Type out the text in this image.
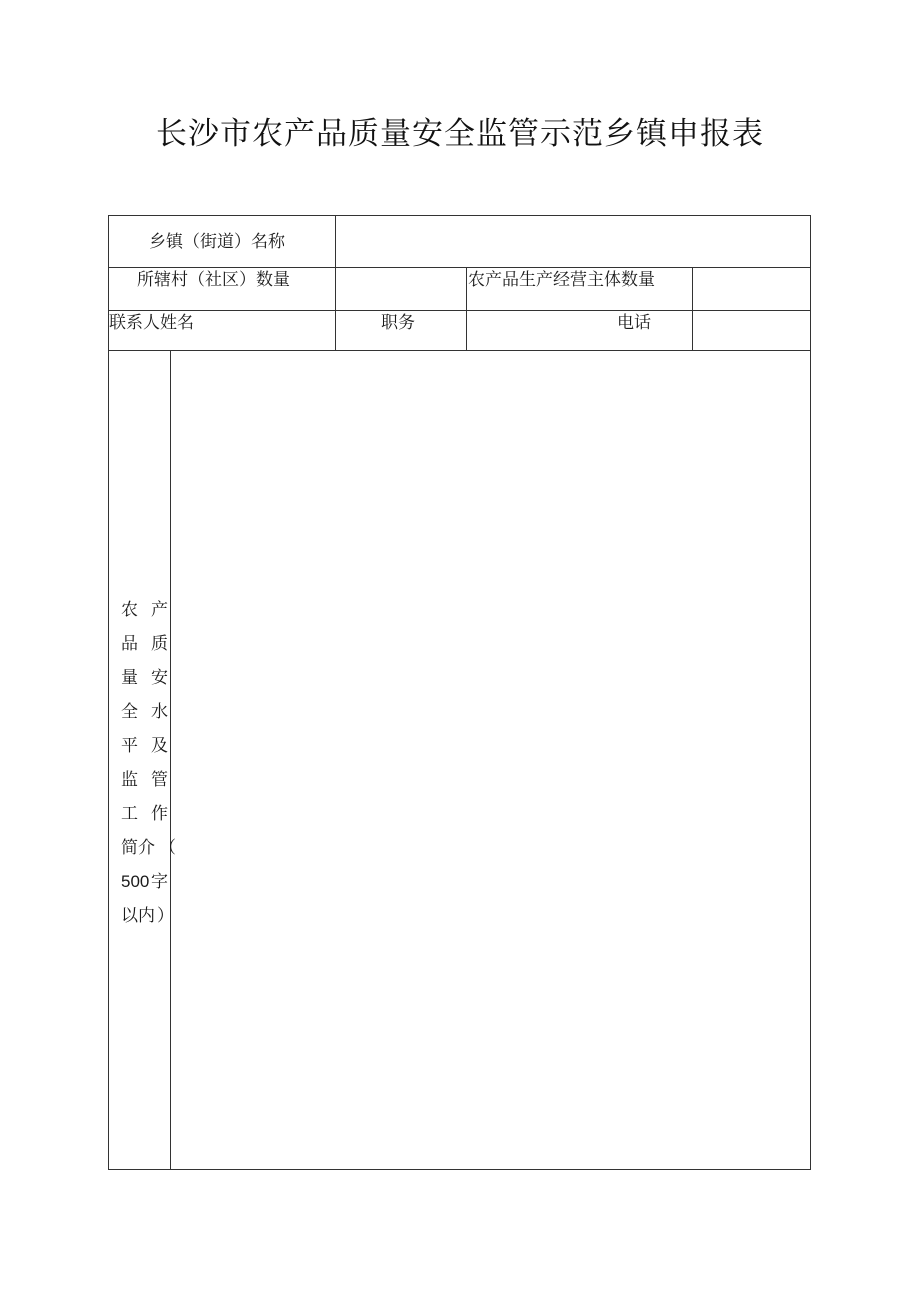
长沙市农产品质量安全监管示范乡镇申报表
乡镇（街道）名称
所辖村（社区）数量	农产品生产经营主体数量
联系人姓名	职务	电话
农 产
品 质
量 安
全 水
平 及
监 管
工 作
简介 （
500 字
以内 ）
